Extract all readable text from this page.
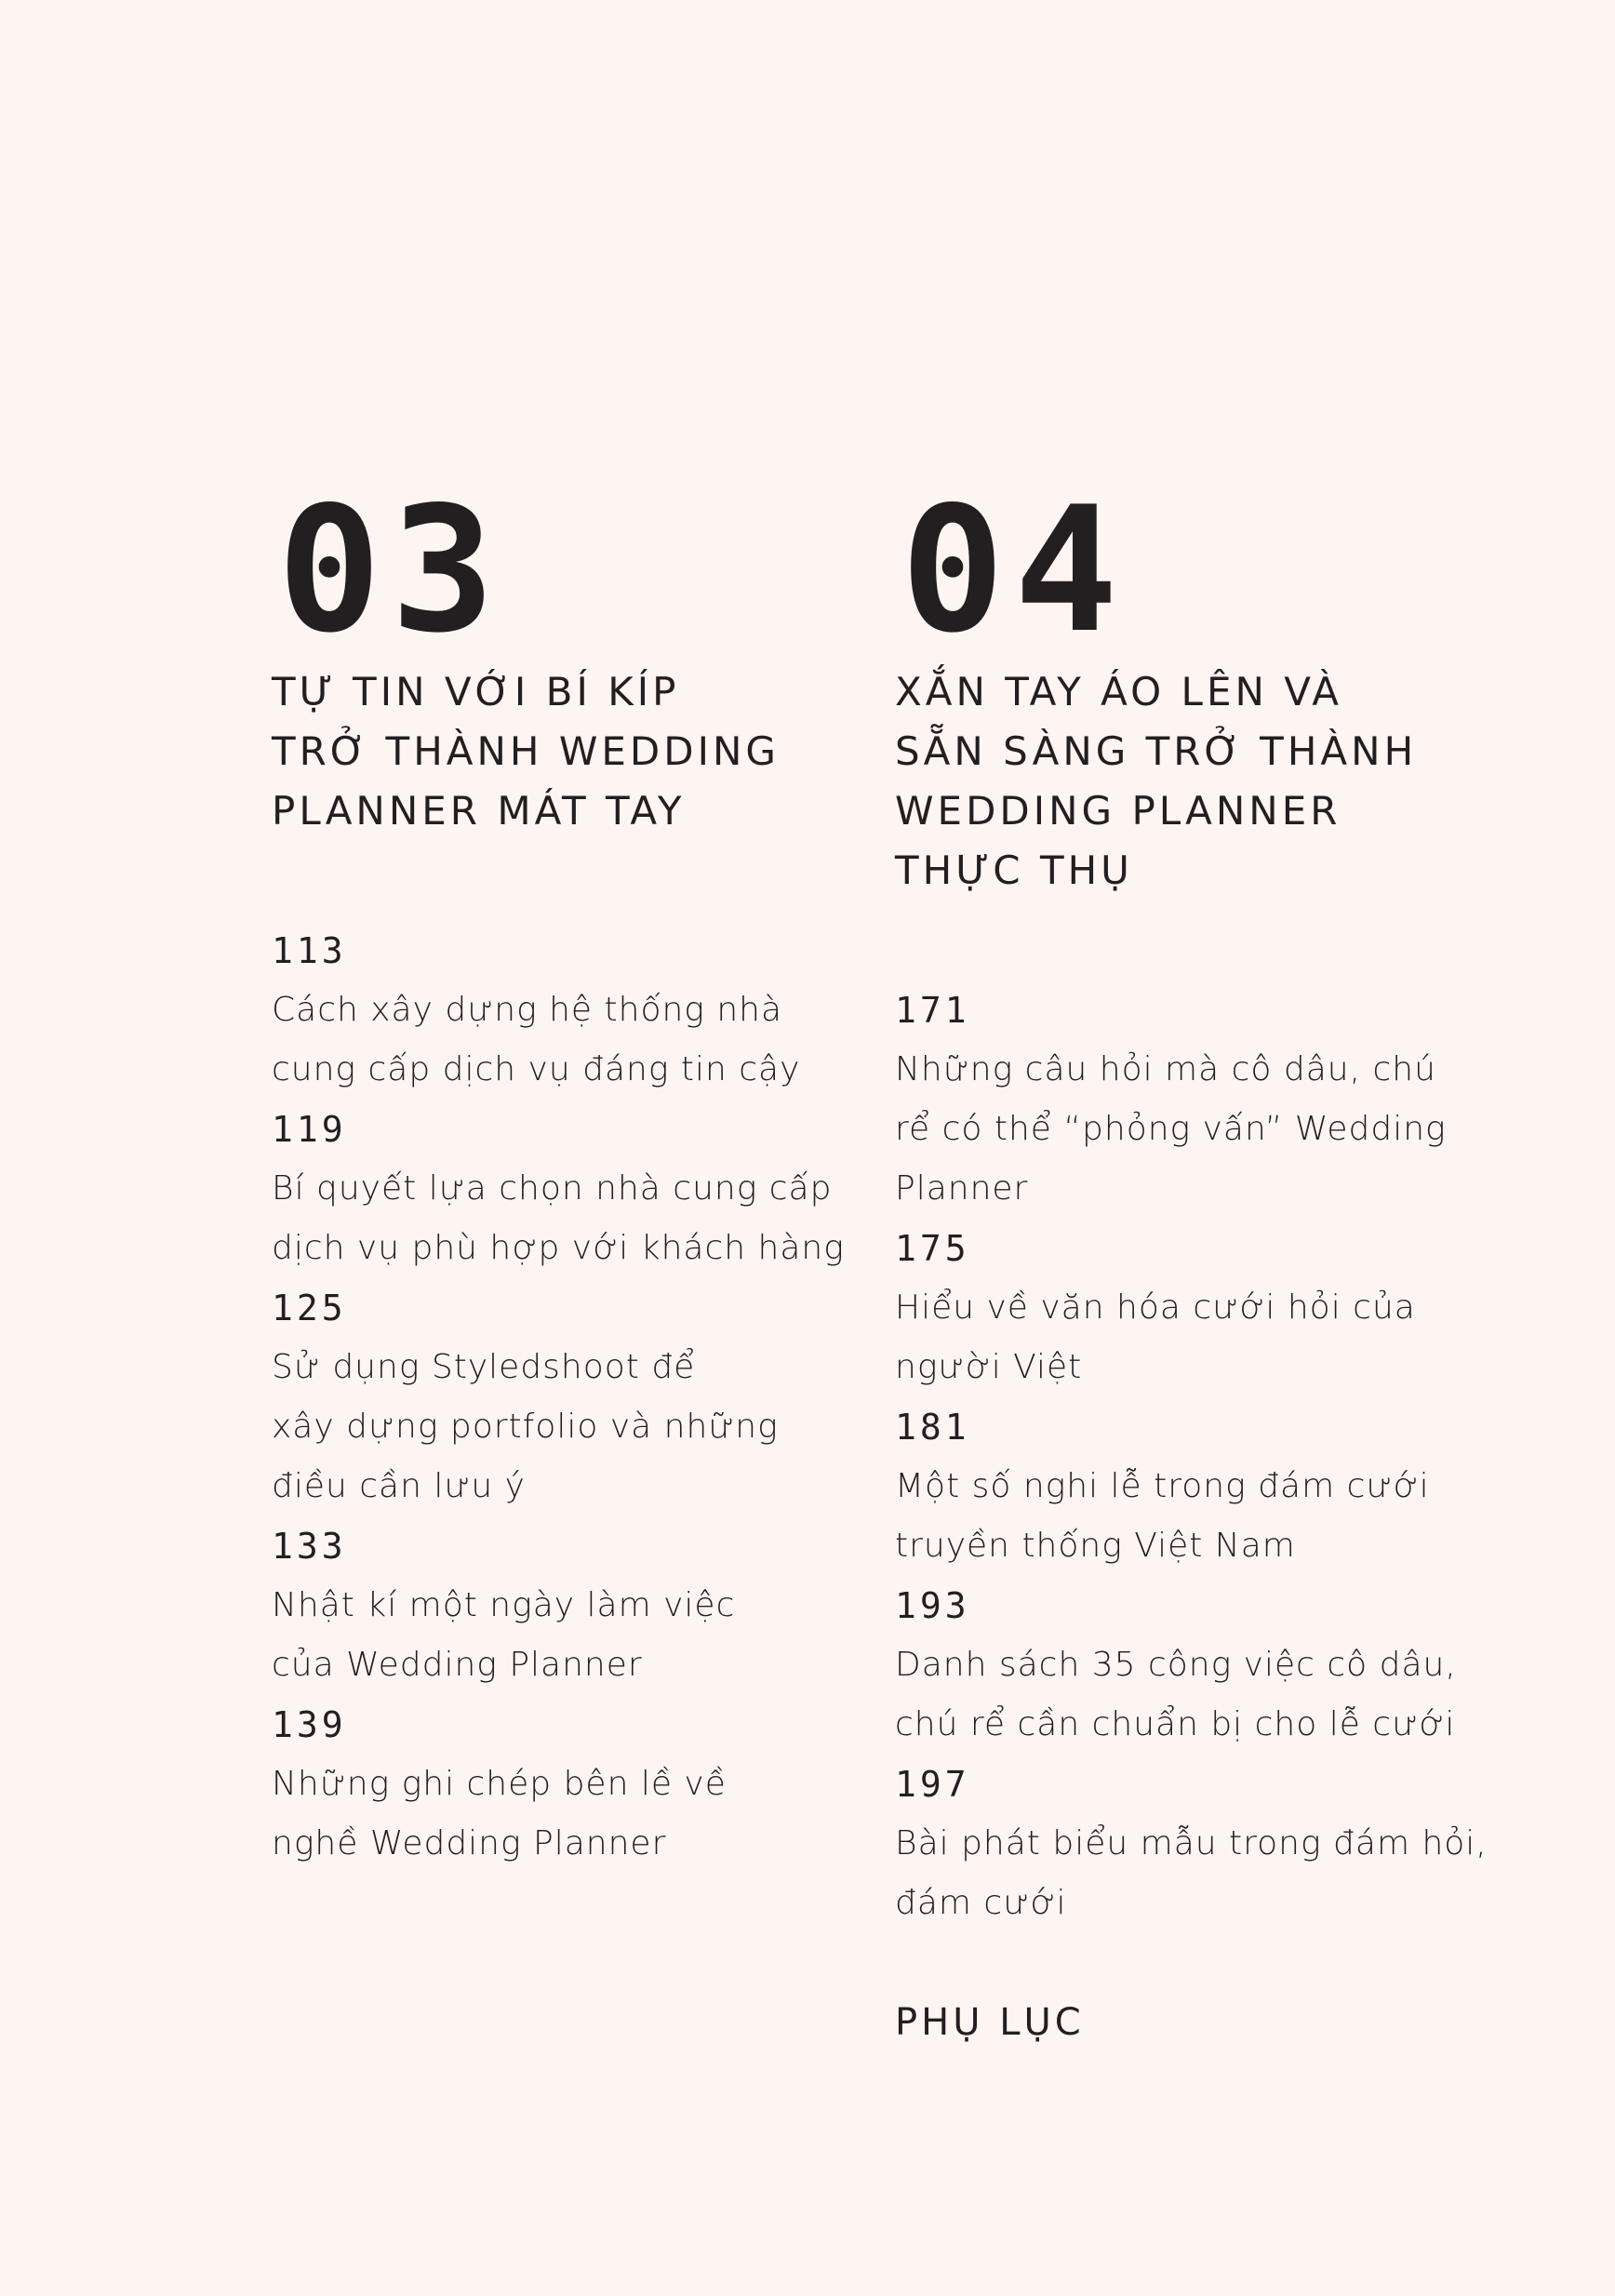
03
TỰ TIN VỚI BÍ KÍP
TRỞ THÀNH WEDDING
PLANNER MÁT TAY
113
Cách xây dựng hệ thống nhà
cung cấp dịch vụ đáng tin cậy
119
Bí quyết lựa chọn nhà cung cấp
dịch vụ phù hợp với khách hàng
125
Sử dụng Styledshoot để
xây dựng portfolio và những
điều cần lưu ý
133
Nhật kí một ngày làm việc
của Wedding Planner
139
Những ghi chép bên lề về
nghề Wedding Planner
04
XẮN TAY ÁO LÊN VÀ
SẴN SÀNG TRỞ THÀNH
WEDDING PLANNER
THỰC THỤ
171
Những câu hỏi mà cô dâu, chú
rể có thể “phỏng vấn” Wedding
Planner
175
Hiểu về văn hóa cưới hỏi của
người Việt
181
Một số nghi lễ trong đám cưới
truyền thống Việt Nam
193
Danh sách 35 công việc cô dâu,
chú rể cần chuẩn bị cho lễ cưới
197
Bài phát biểu mẫu trong đám hỏi,
đám cưới
PHỤ LỤC
